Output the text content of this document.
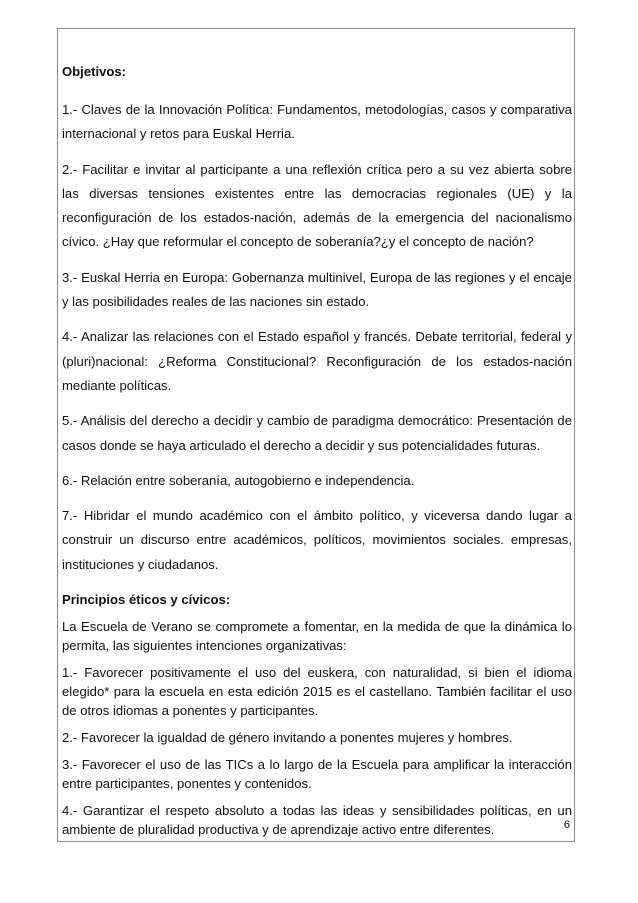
Objetivos:

1.- Claves de la Innovación Política: Fundamentos, metodologías, casos y comparativa internacional y retos para Euskal Herria.

2.- Facilitar e invitar al participante a una reflexión crítica pero a su vez abierta sobre las diversas tensiones existentes entre las democracias regionales (UE) y la reconfiguración de los estados-nación, además de la emergencia del nacionalismo cívico. ¿Hay que reformular el concepto de soberanía?¿y el concepto de nación?

3.- Euskal Herria en Europa: Gobernanza multinivel, Europa de las regiones y el encaje y las posibilidades reales de las naciones sin estado.

4.- Analizar las relaciones con el Estado español y francés. Debate territorial, federal y (pluri)nacional: ¿Reforma Constitucional? Reconfiguración de los estados-nación mediante políticas.

5.- Análisis del derecho a decidir y cambio de paradigma democrático: Presentación de casos donde se haya articulado el derecho a decidir y sus potencialidades futuras.

6.- Relación entre soberanía, autogobierno e independencia.

7.- Hibridar el mundo académico con el ámbito político, y viceversa dando lugar a construir un discurso entre académicos, políticos, movimientos sociales. empresas, instituciones y ciudadanos.

Principios éticos y cívicos:

La Escuela de Verano se compromete a fomentar, en la medida de que la dinámica lo permita, las siguientes intenciones organizativas:

1.- Favorecer positivamente el uso del euskera, con naturalidad, si bien el idioma elegido* para la escuela en esta edición 2015 es el castellano. También facilitar el uso de otros idiomas a ponentes y participantes.

2.- Favorecer la igualdad de género invitando a ponentes mujeres y hombres.

3.- Favorecer el uso de las TICs a lo largo de la Escuela para amplificar la interacción entre participantes, ponentes y contenidos.

4.- Garantizar el respeto absoluto a todas las ideas y sensibilidades políticas, en un ambiente de pluralidad productiva y de aprendizaje activo entre diferentes.	6
